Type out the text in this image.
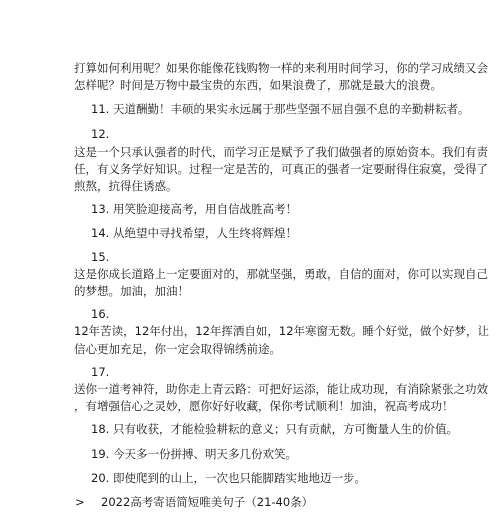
打算如何利用呢？如果你能像花钱购物一样的来利用时间学习，你的学习成绩又会
怎样呢？时间是万物中最宝贵的东西，如果浪费了，那就是最大的浪费。
11. 天道酬勤！丰硕的果实永远属于那些坚强不屈自强不息的辛勤耕耘者。
12.
这是一个只承认强者的时代，而学习正是赋予了我们做强者的原始资本。我们有责
任，有义务学好知识。过程一定是苦的，可真正的强者一定要耐得住寂寞，受得了
煎熬，抗得住诱惑。
13. 用笑脸迎接高考，用自信战胜高考！
14. 从绝望中寻找希望，人生终将辉煌！
15.
这是你成长道路上一定要面对的，那就坚强，勇敢，自信的面对，你可以实现自己
的梦想。加油，加油！
16.
12年苦读，12年付出，12年挥洒自如，12年寒窗无数。睡个好觉，做个好梦，让
信心更加充足，你一定会取得锦绣前途。
17.
送你一道考神符，助你走上青云路：可把好运添，能让成功现，有消除紧张之功效
，有增强信心之灵妙，愿你好好收藏，保你考试顺利！加油，祝高考成功！
18. 只有收获，才能检验耕耘的意义；只有贡献，方可衡量人生的价值。
19. 今天多一份拼搏、明天多几份欢笑。
20. 即使爬到的山上，一次也只能脚踏实地地迈一步。
> 2022高考寄语简短唯美句子（21-40条）
